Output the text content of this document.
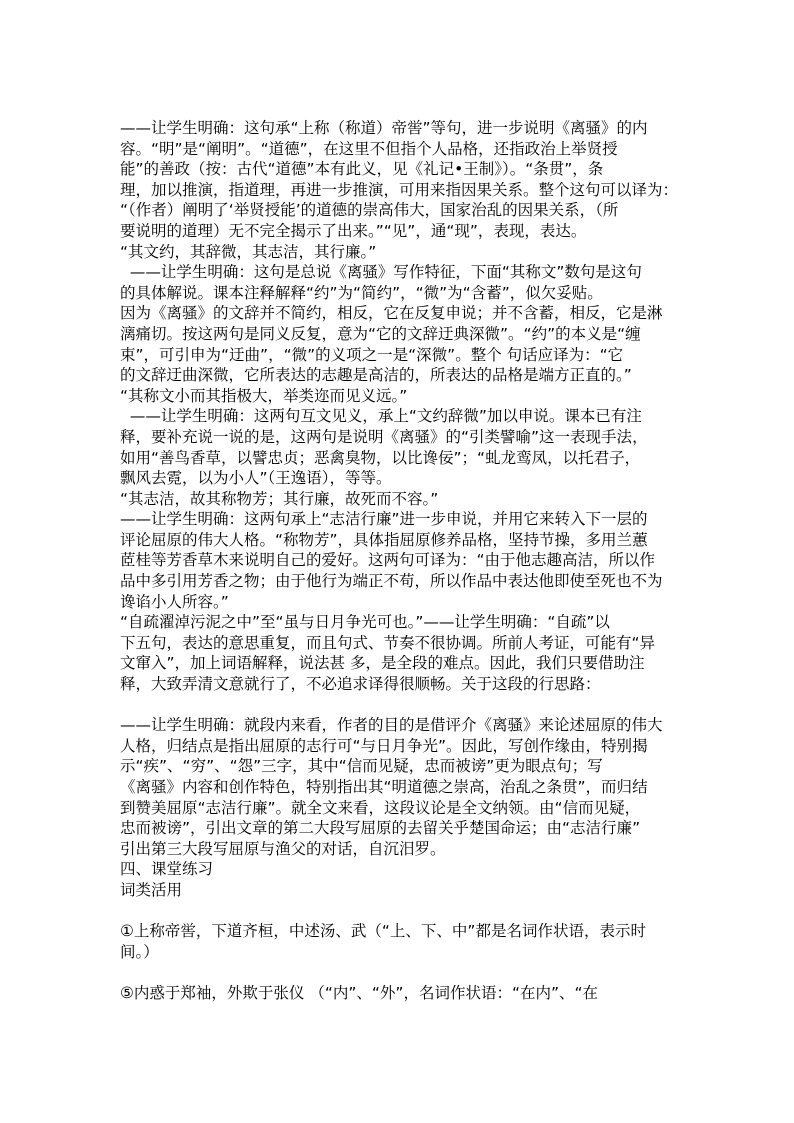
——让学生明确：这句承“上称（称道）帝喾”等句，进一步说明《离骚》的内
容。“明”是“阐明”。“道德”，在这里不但指个人品格，还指政治上举贤授
能”的善政（按：古代“道德”本有此义，见《礼记•王制》）。“条贯”，条
理，加以推演，指道理，再进一步推演，可用来指因果关系。整个这句可以译为：
“（作者）阐明了‘举贤授能’的道德的崇高伟大，国家治乱的因果关系，（所
要说明的道理）无不完全揭示了出来。”“见”，通“现”，表现，表达。
“其文约，其辞微，其志洁，其行廉。”
——让学生明确：这句是总说《离骚》写作特征，下面“其称文”数句是这句
的具体解说。课本注释解释“约”为“简约”，“微”为“含蓄”，似欠妥贴。
因为《离骚》的文辞并不简约，相反，它在反复申说；并不含蓄，相反，它是淋
漓痛切。按这两句是同义反复，意为“它的文辞迂典深微”。“约”的本义是“缠
束”，可引申为“迂曲”，“微”的义项之一是“深微”。整个 句话应译为：“它
的文辞迂曲深微，它所表达的志趣是高洁的，所表达的品格是端方正直的。”
“其称文小而其指极大，举类迩而见义远。”
——让学生明确：这两句互文见义，承上“文约辞微”加以申说。课本已有注
释，要补充说一说的是，这两句是说明《离骚》的“引类譬喻”这一表现手法，
如用“善鸟香草，以譬忠贞；恶禽臭物，以比谗佞”；“虬龙鸾凤，以托君子，
飘风去霓，以为小人”（王逸语），等等。
“其志洁，故其称物芳；其行廉，故死而不容。”
——让学生明确：这两句承上“志洁行廉”进一步申说，并用它来转入下一层的
评论屈原的伟大人格。“称物芳”，具体指屈原修养品格，坚持节操，多用兰蕙
茝桂等芳香草木来说明自己的爱好。这两句可译为：“由于他志趣高洁，所以作
品中多引用芳香之物；由于他行为端正不苟，所以作品中表达他即使至死也不为
谗谄小人所容。”
“自疏濯淖污泥之中”至“虽与日月争光可也。”——让学生明确：“自疏”以
下五句，表达的意思重复，而且句式、节奏不很协调。所前人考证，可能有“异
文窜入”，加上词语解释，说法甚 多，是全段的难点。因此，我们只要借助注
释，大致弄清文意就行了，不必追求译得很顺畅。关于这段的行思路：
——让学生明确：就段内来看，作者的目的是借评介《离骚》来论述屈原的伟大
人格，归结点是指出屈原的志行可“与日月争光”。因此，写创作缘由，特别揭
示“疾”、“穷”、“怨”三字，其中“信而见疑，忠而被谤”更为眼点句；写
《离骚》内容和创作特色，特别指出其“明道德之崇高，治乱之条贯”，而归结
到赞美屈原“志洁行廉”。就全文来看，这段议论是全文纳领。由“信而见疑，
忠而被谤”，引出文章的第二大段写屈原的去留关乎楚国命运；由“志洁行廉”
引出第三大段写屈原与渔父的对话，自沉汨罗。
四、课堂练习
词类活用
①上称帝喾，下道齐桓，中述汤、武（“上、下、中”都是名词作状语，表示时
间。）
⑤内惑于郑袖，外欺于张仪 （“内”、“外”，名词作状语：“在内”、“在
